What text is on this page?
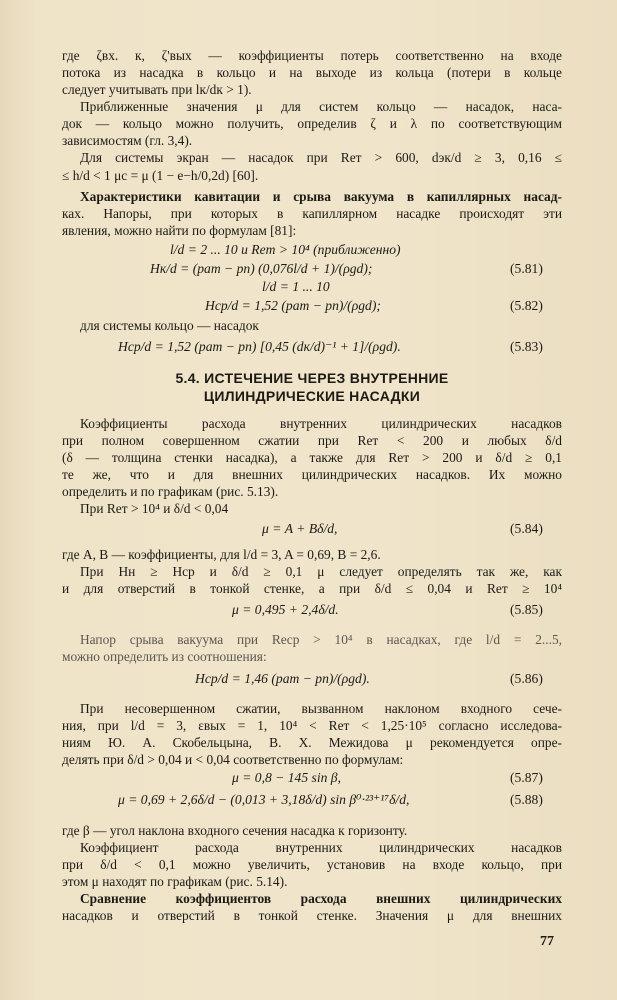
где ζвх. к, ζ'вых — коэффициенты потерь соответственно на входе
потока из насадка в кольцо и на выходе из кольца (потери в кольце
следует учитывать при lк/dк > 1).
Приближенные значения μ для систем кольцо — насадок, наса-
док — кольцо можно получить, определив ζ и λ по соответствующим
зависимостям (гл. 3,4).
Для системы экран — насадок при Reт > 600, dэк/d ≥ 3, 0,16 ≤
≤ h/d < 1 μс = μ (1 − e−h/0,2d) [60].
Характеристики кавитации и срыва вакуума в капиллярных насад-
ках. Напоры, при которых в капиллярном насадке происходят эти
явления, можно найти по формулам [81]:
l/d = 2 ... 10 и Reт > 10⁴ (приближенно)
Hк/d = (pат − pп) (0,076l/d + 1)/(ρgd);	(5.81)
l/d = 1 ... 10
Hср/d = 1,52 (pат − pп)/(ρgd);	(5.82)
для системы кольцо — насадок
Hср/d = 1,52 (pат − pп) [0,45 (dк/d)⁻¹ + 1]/(ρgd).	(5.83)
5.4. ИСТЕЧЕНИЕ ЧЕРЕЗ ВНУТРЕННИЕ
ЦИЛИНДРИЧЕСКИЕ НАСАДКИ
Коэффициенты расхода внутренних цилиндрических насадков
при полном совершенном сжатии при Reт < 200 и любых δ/d
(δ — толщина стенки насадка), а также для Reт > 200 и δ/d ≥ 0,1
те же, что и для внешних цилиндрических насадков. Их можно
определить и по графикам (рис. 5.13).
При Reт > 10⁴ и δ/d < 0,04
μ = A + Bδ/d,	(5.84)
где A, B — коэффициенты, для l/d = 3, A = 0,69, B = 2,6.
При Hн ≥ Hср и δ/d ≥ 0,1 μ следует определять так же, как
и для отверстий в тонкой стенке, а при δ/d ≤ 0,04 и Reт ≥ 10⁴
μ = 0,495 + 2,4δ/d.	(5.85)
Напор срыва вакуума при Reср > 10⁴ в насадках, где l/d = 2...5,
можно определить из соотношения:
Hср/d = 1,46 (pат − pп)/(ρgd).	(5.86)
При несовершенном сжатии, вызванном наклоном входного сече-
ния, при l/d = 3, εвых = 1, 10⁴ < Reт < 1,25·10⁵ согласно исследова-
ниям Ю. А. Скобельцына, В. Х. Межидова μ рекомендуется опре-
делять при δ/d > 0,04 и < 0,04 соответственно по формулам:
μ = 0,8 − 145 sin β,	(5.87)
μ = 0,69 + 2,6δ/d − (0,013 + 3,18δ/d) sin β⁰·²³⁺¹⁷δ/d,	(5.88)
где β — угол наклона входного сечения насадка к горизонту.
Коэффициент расхода внутренних цилиндрических насадков
при δ/d < 0,1 можно увеличить, установив на входе кольцо, при
этом μ находят по графикам (рис. 5.14).
Сравнение коэффициентов расхода внешних цилиндрических
насадков и отверстий в тонкой стенке. Значения μ для внешних
77
